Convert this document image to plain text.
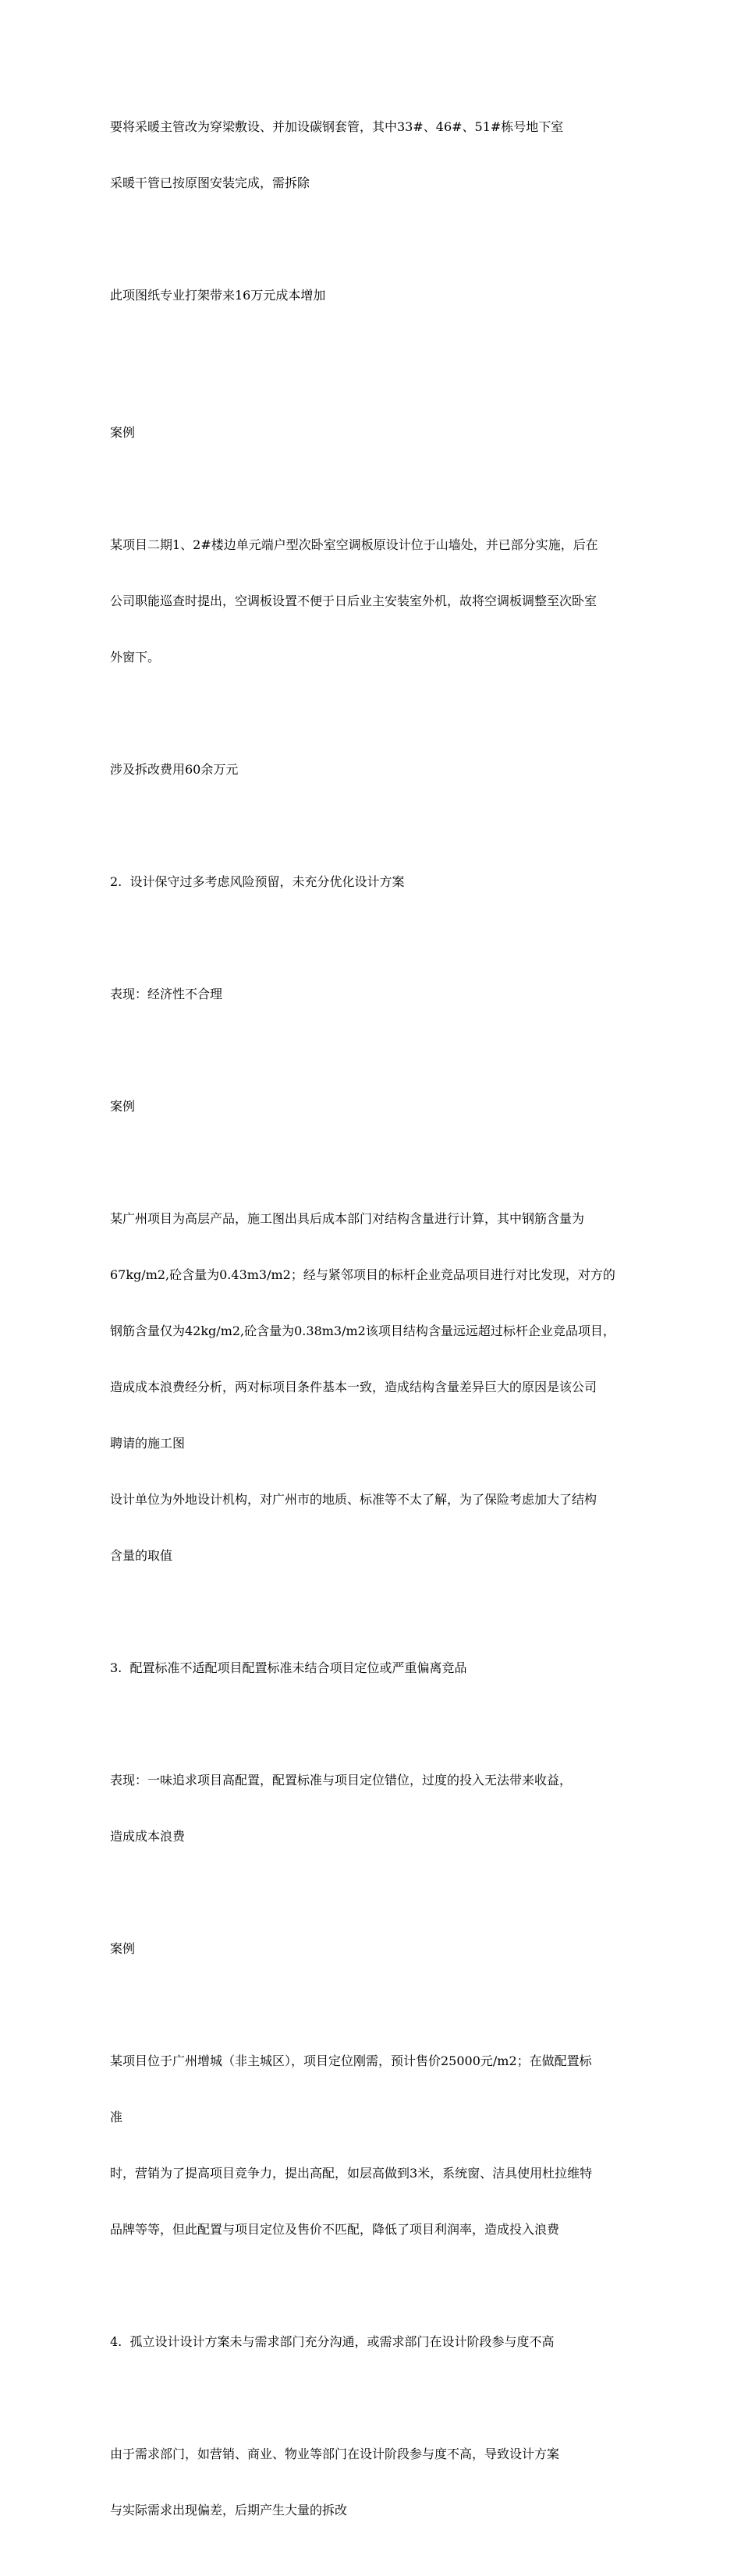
要将采暖主管改为穿梁敷设、并加设碳钢套管，其中33#、46#、51#栋号地下室

采暖干管已按原图安装完成，需拆除

此项图纸专业打架带来16万元成本增加

案例

某项目二期1、2#楼边单元端户型次卧室空调板原设计位于山墙处，并已部分实施，后在

公司职能巡查时提出，空调板设置不便于日后业主安装室外机，故将空调板调整至次卧室

外窗下。

涉及拆改费用60余万元

2.  设计保守过多考虑风险预留，未充分优化设计方案

表现：经济性不合理

案例

某广州项目为高层产品，施工图出具后成本部门对结构含量进行计算，其中钢筋含量为

67kg/m2,砼含量为0.43m3/m2；经与紧邻项目的标杆企业竞品项目进行对比发现，对方的

钢筋含量仅为42kg/m2,砼含量为0.38m3/m2该项目结构含量远远超过标杆企业竞品项目，

造成成本浪费经分析，两对标项目条件基本一致，造成结构含量差异巨大的原因是该公司

聘请的施工图

设计单位为外地设计机构，对广州市的地质、标准等不太了解，为了保险考虑加大了结构

含量的取值

3.  配置标准不适配项目配置标准未结合项目定位或严重偏离竞品

表现：一味追求项目高配置，配置标准与项目定位错位，过度的投入无法带来收益，

造成成本浪费

案例

某项目位于广州增城（非主城区），项目定位刚需，预计售价25000元/m2；在做配置标

准

时，营销为了提高项目竞争力，提出高配，如层高做到3米，系统窗、洁具使用杜拉维特

品牌等等，但此配置与项目定位及售价不匹配，降低了项目利润率，造成投入浪费

4.  孤立设计设计方案未与需求部门充分沟通，或需求部门在设计阶段参与度不高

由于需求部门，如营销、商业、物业等部门在设计阶段参与度不高，导致设计方案

与实际需求出现偏差，后期产生大量的拆改
